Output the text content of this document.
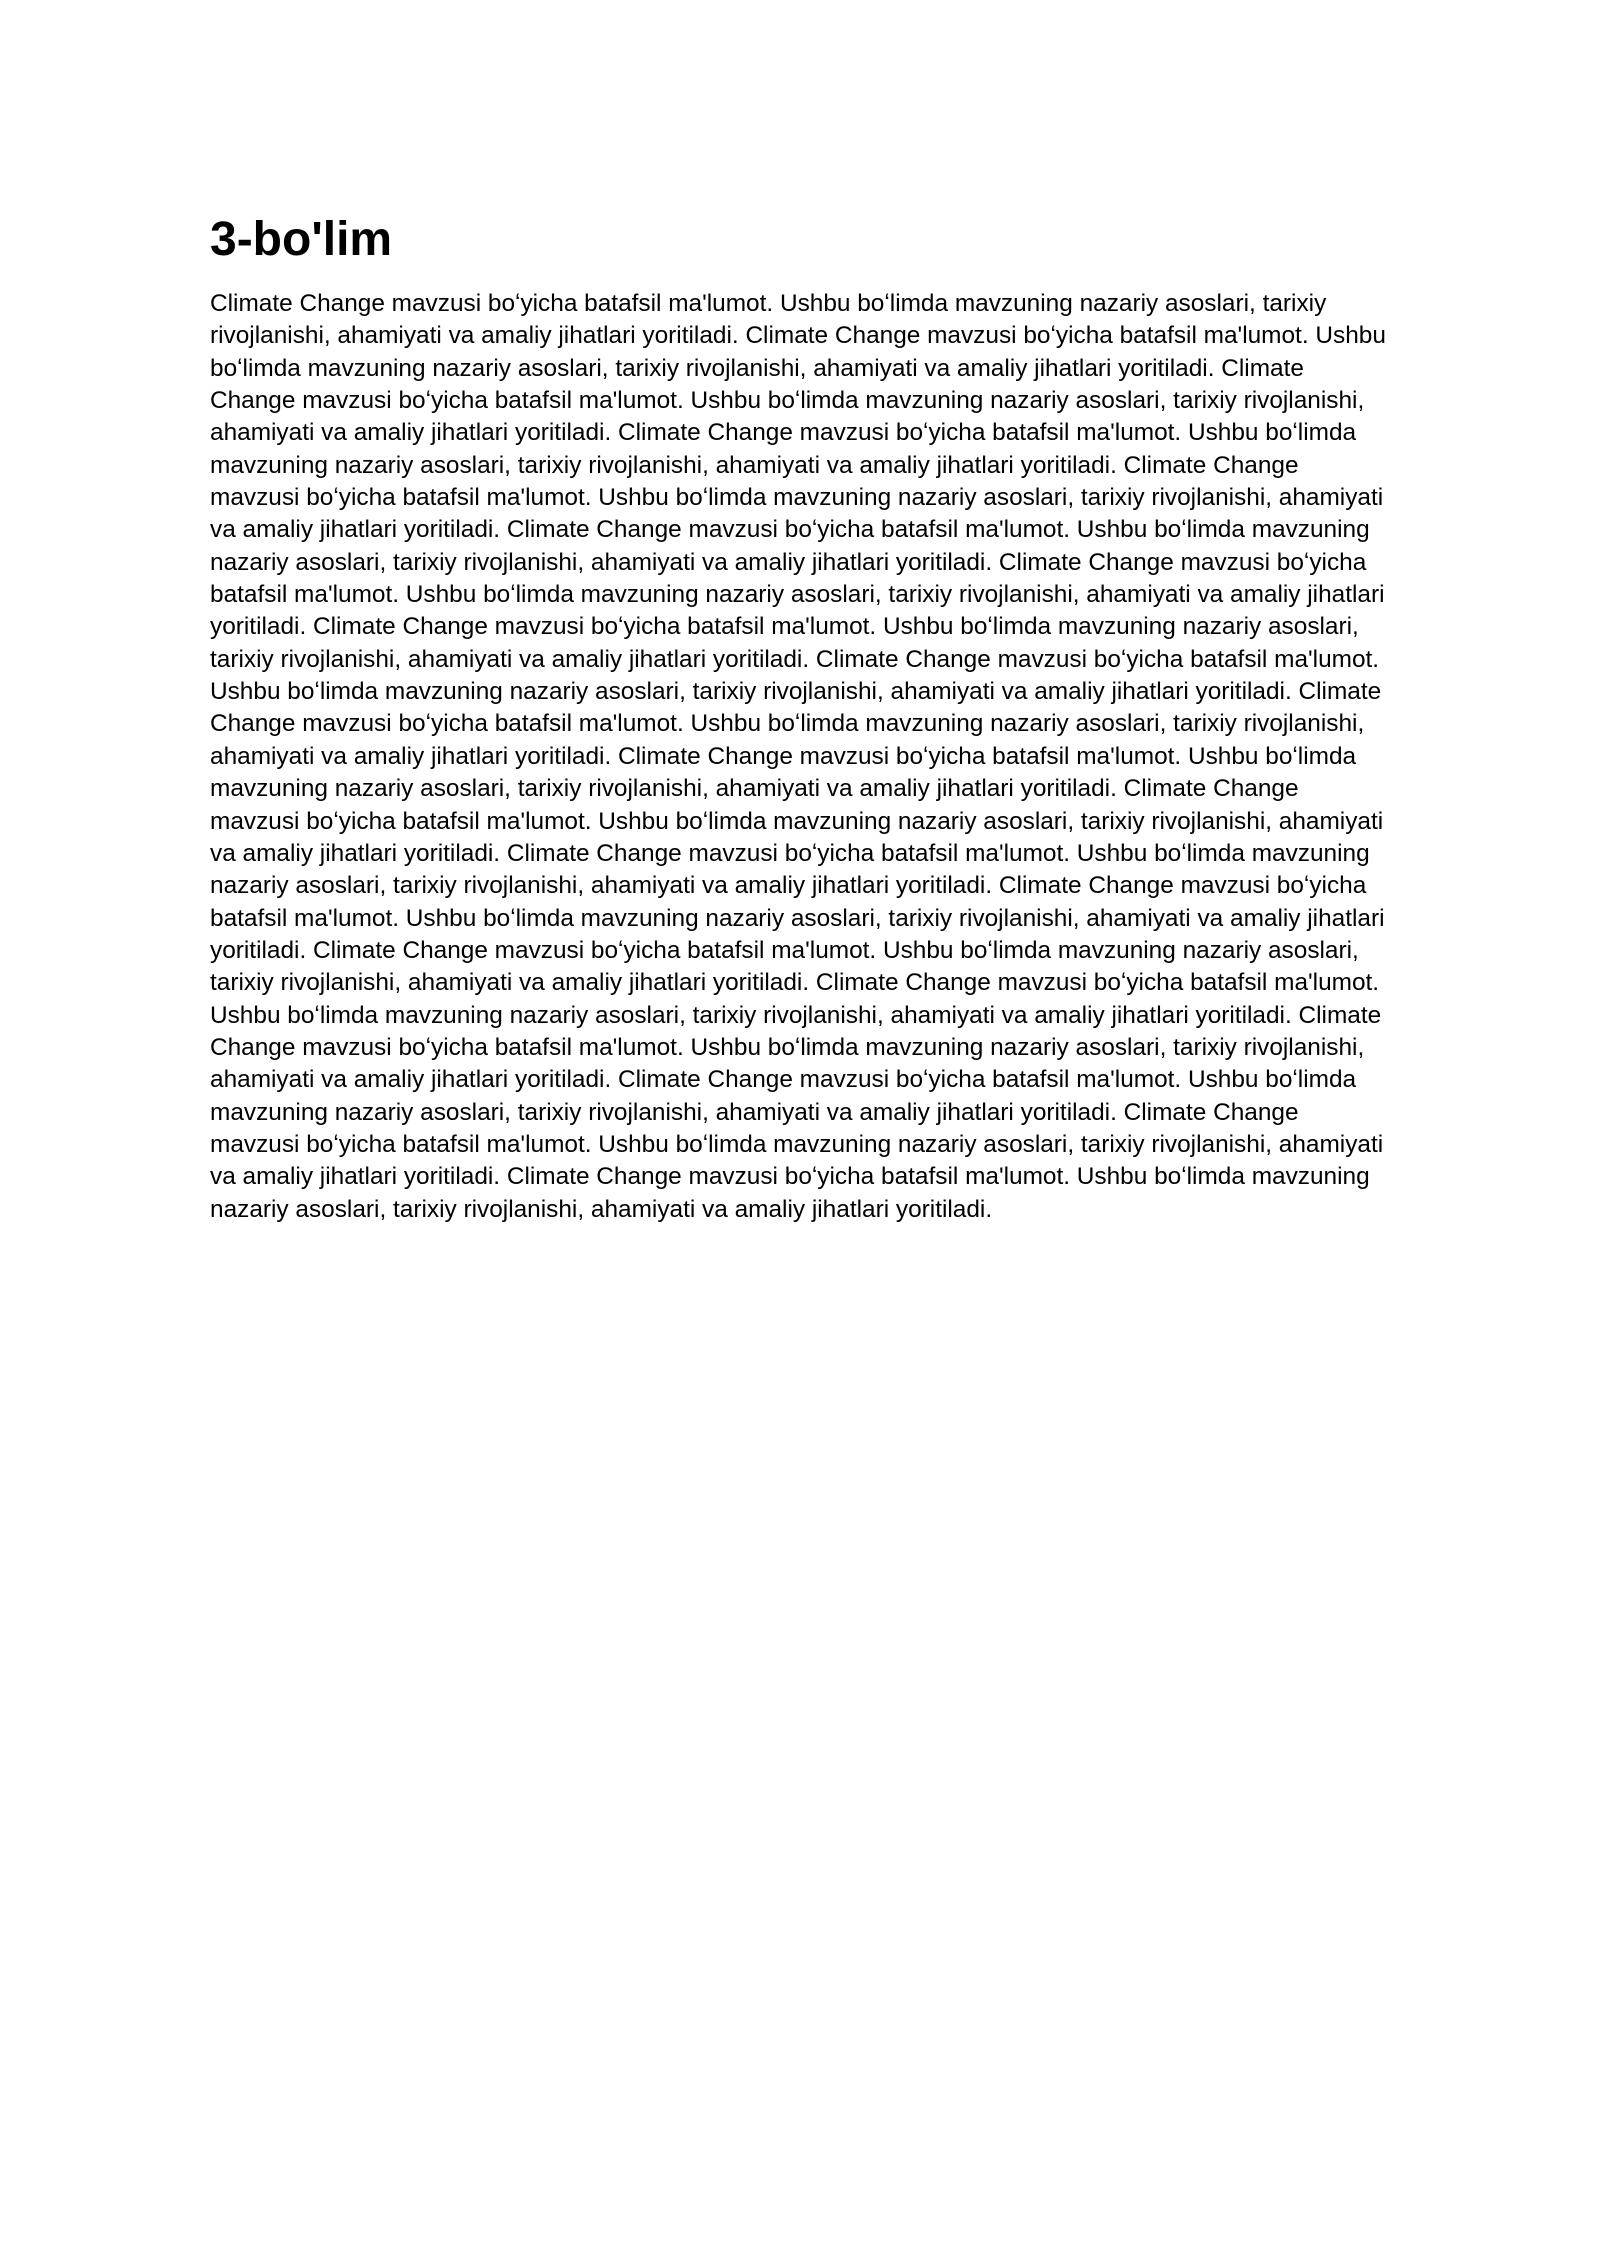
3-bo'lim

Climate Change mavzusi boʻyicha batafsil ma'lumot. Ushbu boʻlimda mavzuning nazariy asoslari, tarixiy rivojlanishi, ahamiyati va amaliy jihatlari yoritiladi. Climate Change mavzusi boʻyicha batafsil ma'lumot. Ushbu boʻlimda mavzuning nazariy asoslari, tarixiy rivojlanishi, ahamiyati va amaliy jihatlari yoritiladi. Climate Change mavzusi boʻyicha batafsil ma'lumot. Ushbu boʻlimda mavzuning nazariy asoslari, tarixiy rivojlanishi, ahamiyati va amaliy jihatlari yoritiladi. Climate Change mavzusi boʻyicha batafsil ma'lumot. Ushbu boʻlimda mavzuning nazariy asoslari, tarixiy rivojlanishi, ahamiyati va amaliy jihatlari yoritiladi. Climate Change mavzusi boʻyicha batafsil ma'lumot. Ushbu boʻlimda mavzuning nazariy asoslari, tarixiy rivojlanishi, ahamiyati va amaliy jihatlari yoritiladi. Climate Change mavzusi boʻyicha batafsil ma'lumot. Ushbu boʻlimda mavzuning nazariy asoslari, tarixiy rivojlanishi, ahamiyati va amaliy jihatlari yoritiladi. Climate Change mavzusi boʻyicha batafsil ma'lumot. Ushbu boʻlimda mavzuning nazariy asoslari, tarixiy rivojlanishi, ahamiyati va amaliy jihatlari yoritiladi. Climate Change mavzusi boʻyicha batafsil ma'lumot. Ushbu boʻlimda mavzuning nazariy asoslari, tarixiy rivojlanishi, ahamiyati va amaliy jihatlari yoritiladi. Climate Change mavzusi boʻyicha batafsil ma'lumot. Ushbu boʻlimda mavzuning nazariy asoslari, tarixiy rivojlanishi, ahamiyati va amaliy jihatlari yoritiladi. Climate Change mavzusi boʻyicha batafsil ma'lumot. Ushbu boʻlimda mavzuning nazariy asoslari, tarixiy rivojlanishi, ahamiyati va amaliy jihatlari yoritiladi. Climate Change mavzusi boʻyicha batafsil ma'lumot. Ushbu boʻlimda mavzuning nazariy asoslari, tarixiy rivojlanishi, ahamiyati va amaliy jihatlari yoritiladi. Climate Change mavzusi boʻyicha batafsil ma'lumot. Ushbu boʻlimda mavzuning nazariy asoslari, tarixiy rivojlanishi, ahamiyati va amaliy jihatlari yoritiladi. Climate Change mavzusi boʻyicha batafsil ma'lumot. Ushbu boʻlimda mavzuning nazariy asoslari, tarixiy rivojlanishi, ahamiyati va amaliy jihatlari yoritiladi. Climate Change mavzusi boʻyicha batafsil ma'lumot. Ushbu boʻlimda mavzuning nazariy asoslari, tarixiy rivojlanishi, ahamiyati va amaliy jihatlari yoritiladi. Climate Change mavzusi boʻyicha batafsil ma'lumot. Ushbu boʻlimda mavzuning nazariy asoslari, tarixiy rivojlanishi, ahamiyati va amaliy jihatlari yoritiladi. Climate Change mavzusi boʻyicha batafsil ma'lumot. Ushbu boʻlimda mavzuning nazariy asoslari, tarixiy rivojlanishi, ahamiyati va amaliy jihatlari yoritiladi. Climate Change mavzusi boʻyicha batafsil ma'lumot. Ushbu boʻlimda mavzuning nazariy asoslari, tarixiy rivojlanishi, ahamiyati va amaliy jihatlari yoritiladi. Climate Change mavzusi boʻyicha batafsil ma'lumot. Ushbu boʻlimda mavzuning nazariy asoslari, tarixiy rivojlanishi, ahamiyati va amaliy jihatlari yoritiladi. Climate Change mavzusi boʻyicha batafsil ma'lumot. Ushbu boʻlimda mavzuning nazariy asoslari, tarixiy rivojlanishi, ahamiyati va amaliy jihatlari yoritiladi. Climate Change mavzusi boʻyicha batafsil ma'lumot. Ushbu boʻlimda mavzuning nazariy asoslari, tarixiy rivojlanishi, ahamiyati va amaliy jihatlari yoritiladi.
